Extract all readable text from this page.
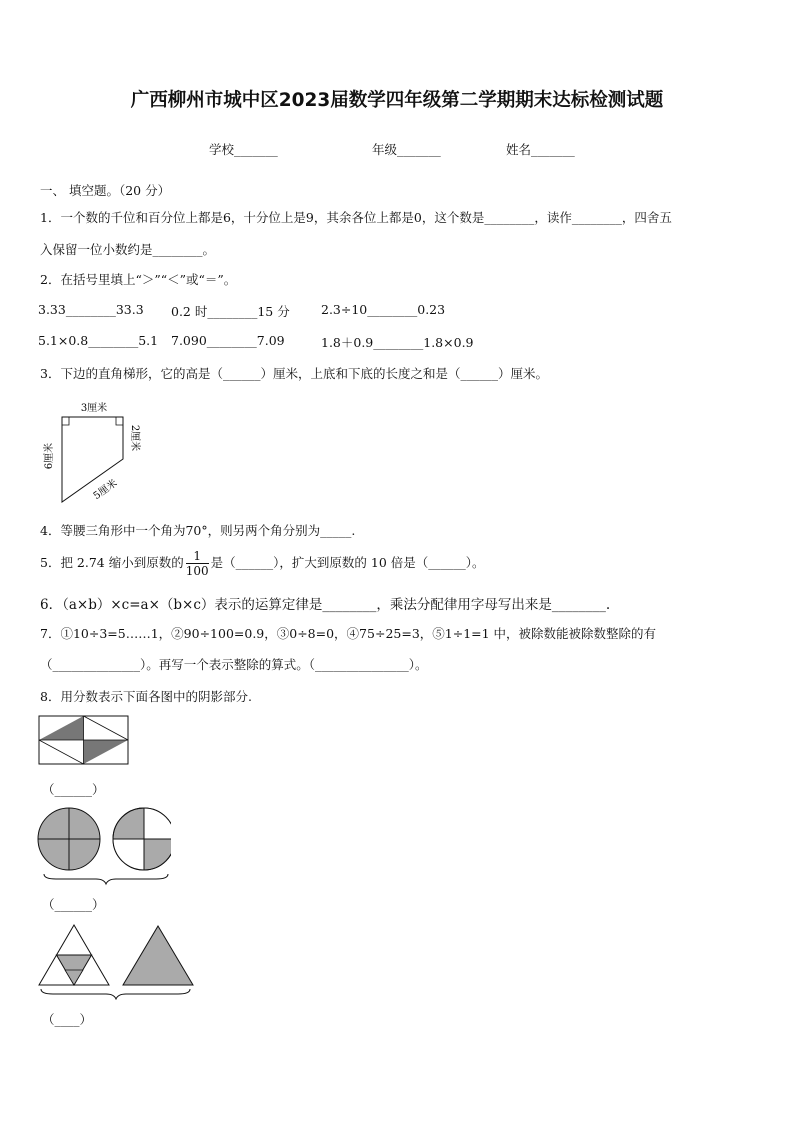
广西柳州市城中区2023届数学四年级第二学期期末达标检测试题
学校_______	年级_______	姓名_______
一、 填空题。（20 分）
1．一个数的千位和百分位上都是6，十分位上是9，其余各位上都是0，这个数是________，读作________，四舍五
入保留一位小数约是________。
2．在括号里填上“＞”“＜”或“＝”。
3.33________33.3 0.2 时________15 分	2.3÷10________0.23
5.1×0.8________5.1 7.090________7.09	1.8＋0.9________1.8×0.9
3．下边的直角梯形，它的高是（______）厘米，上底和下底的长度之和是（______）厘米。
3厘米
6厘米
2厘米
5厘米
4．等腰三角形中一个角为70°，则另两个角分别为_____.
5．把 2.74 缩小到原数的 $\frac{1}{100}$ 是（______），扩大到原数的 10 倍是（______）。
6．（a×b）×c=a×（b×c）表示的运算定律是________，乘法分配律用字母写出来是________.
7．①10÷3=5……1，②90÷100=0.9，③0÷8=0，④75÷25=3，⑤1÷1=1 中，被除数能被除数整除的有
（______________）。再写一个表示整除的算式。（_______________）。
8．用分数表示下面各图中的阴影部分.
（______）
（______）
（____）
